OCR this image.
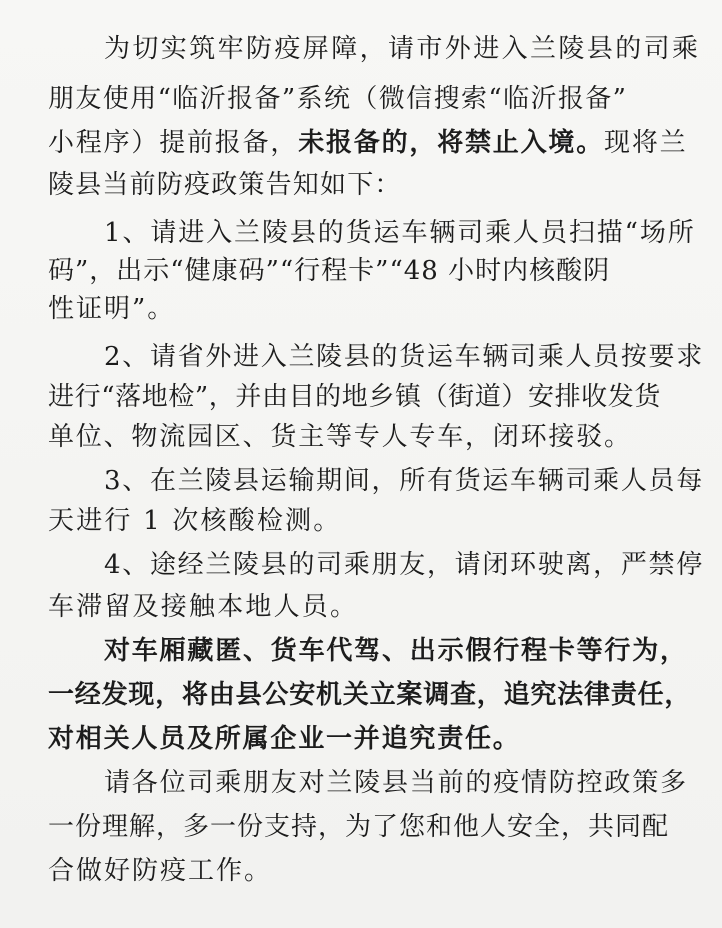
为切实筑牢防疫屏障，请市外进入兰陵县的司乘
朋友使用“临沂报备”系统（微信搜索“临沂报备”
小程序）提前报备，未报备的，将禁止入境。现将兰
陵县当前防疫政策告知如下：
1、请进入兰陵县的货运车辆司乘人员扫描“场所
码”，出示“健康码”“行程卡”“48 小时内核酸阴
性证明”。
2、请省外进入兰陵县的货运车辆司乘人员按要求
进行“落地检”，并由目的地乡镇（街道）安排收发货
单位、物流园区、货主等专人专车，闭环接驳。
3、在兰陵县运输期间，所有货运车辆司乘人员每
天进行 1 次核酸检测。
4、途经兰陵县的司乘朋友，请闭环驶离，严禁停
车滞留及接触本地人员。
对车厢藏匿、货车代驾、出示假行程卡等行为，
一经发现，将由县公安机关立案调查，追究法律责任，
对相关人员及所属企业一并追究责任。
请各位司乘朋友对兰陵县当前的疫情防控政策多
一份理解，多一份支持，为了您和他人安全，共同配
合做好防疫工作。
